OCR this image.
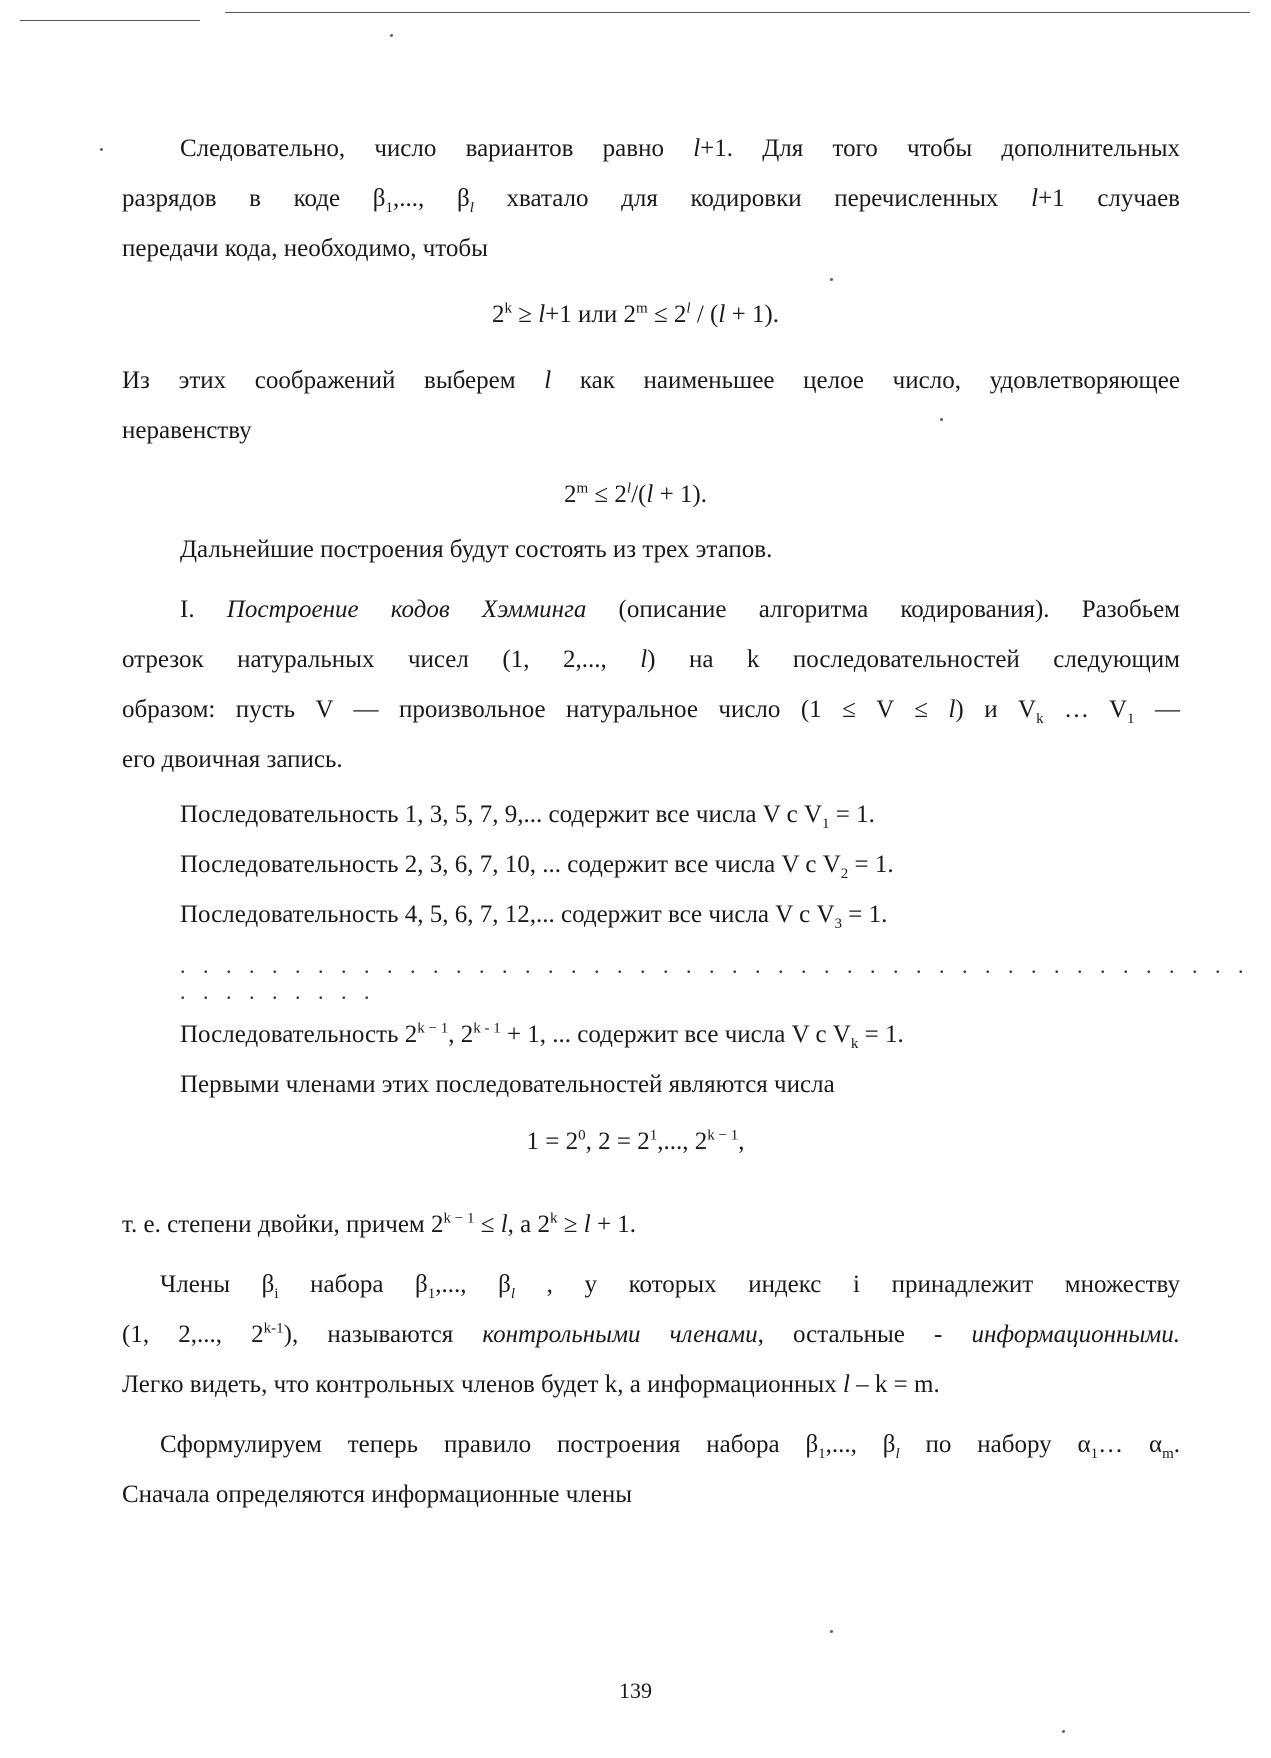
Следовательно, число вариантов равно l+1. Для того чтобы дополнительных
разрядов в коде $\beta_1$,..., $\beta_l$ хватало для кодировки перечисленных l+1 случаев
передачи кода, необходимо, чтобы
$2^k \ge l+1$ или $2^m \le 2^l / (l + 1)$.
Из этих соображений выберем l как наименьшее целое число, удовлетворяющее
неравенству
$2^m \le 2^l/(l + 1)$.
Дальнейшие построения будут состоять из трех этапов.
I. Построение кодов Хэмминга (описание алгоритма кодирования). Разобьем
отрезок натуральных чисел (1, 2,..., l) на k последовательностей следующим
образом: пусть V — произвольное натуральное число (1 ≤ V ≤ l) и $V_k$ … $V_1$ —
его двоичная запись.
Последовательность 1, 3, 5, 7, 9,... содержит все числа V с $V_1 = 1$.
Последовательность 2, 3, 6, 7, 10, ... содержит все числа V с $V_2 = 1$.
Последовательность 4, 5, 6, 7, 12,... содержит все числа V с $V_3 = 1$.
. . . . . . . . . . . . . . . . . . . . . . . . . . . . . . . . . . . . . . . . . . . . . . . . . . . . . . . .
Последовательность $2^{k - 1}$, $2^{k - 1} + 1$, ... содержит все числа V с $V_k = 1$.
Первыми членами этих последовательностей являются числа
$1 = 2^0$, $2 = 2^1$,..., $2^{k - 1}$,
т. е. степени двойки, причем $2^{k - 1} \le l$, а $2^k \ge l + 1$.
Члены $\beta_i$ набора $\beta_1$,..., $\beta_l$ , у которых индекс i принадлежит множеству
(1, 2,..., 2$^{k-1}$), называются контрольными членами, остальные - информационными.
Легко видеть, что контрольных членов будет k, а информационных l – k = m.
Сформулируем теперь правило построения набора $\beta_1$,..., $\beta_l$ по набору $\alpha_1\dots$ $\alpha_m$.
Сначала определяются информационные члены
139
